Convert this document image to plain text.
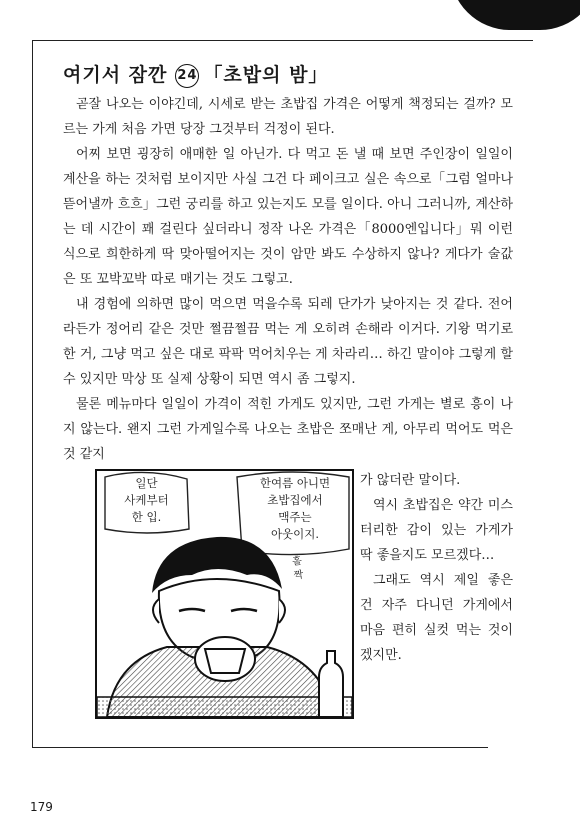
여기서 잠깐 24 「초밥의 밤」

곧잘 나오는 이야긴데, 시세로 받는 초밥집 가격은 어떻게 책정되는 걸까? 모르는 가게 처음 가면 당장 그것부터 걱정이 된다.

어찌 보면 굉장히 애매한 일 아닌가. 다 먹고 돈 낼 때 보면 주인장이 일일이 계산을 하는 것처럼 보이지만 사실 그건 다 페이크고 실은 속으로「그럼 얼마나 뜯어낼까 흐흐」그런 궁리를 하고 있는지도 모를 일이다. 아니 그러니까, 계산하는 데 시간이 꽤 걸린다 싶더라니 정작 나온 가격은「8000엔입니다」뭐 이런 식으로 희한하게 딱 맞아떨어지는 것이 암만 봐도 수상하지 않나? 게다가 술값은 또 꼬박꼬박 따로 매기는 것도 그렇고.

내 경험에 의하면 많이 먹으면 먹을수록 되레 단가가 낮아지는 것 같다. 전어라든가 정어리 같은 것만 쩔끔쩔끔 먹는 게 오히려 손해라 이거다. 기왕 먹기로 한 거, 그냥 먹고 싶은 대로 팍팍 먹어치우는 게 차라리… 하긴 말이야 그렇게 할 수 있지만 막상 또 실제 상황이 되면 역시 좀 그렇지.

물론 메뉴마다 일일이 가격이 적힌 가게도 있지만, 그런 가게는 별로 흥이 나지 않는다. 왠지 그런 가게일수록 나오는 초밥은 쪼매난 게, 아무리 먹어도 먹은 것 같지

가 않더란 말이다.

역시 초밥집은 약간 미스터리한 감이 있는 가게가 딱 좋을지도 모르겠다…

그래도 역시 제일 좋은 건 자주 다니던 가게에서 마음 편히 실컷 먹는 것이겠지만.

일단
사케부터
한 입.
한여름 아니면
초밥집에서
맥주는
아웃이지.
홀
짝
179
